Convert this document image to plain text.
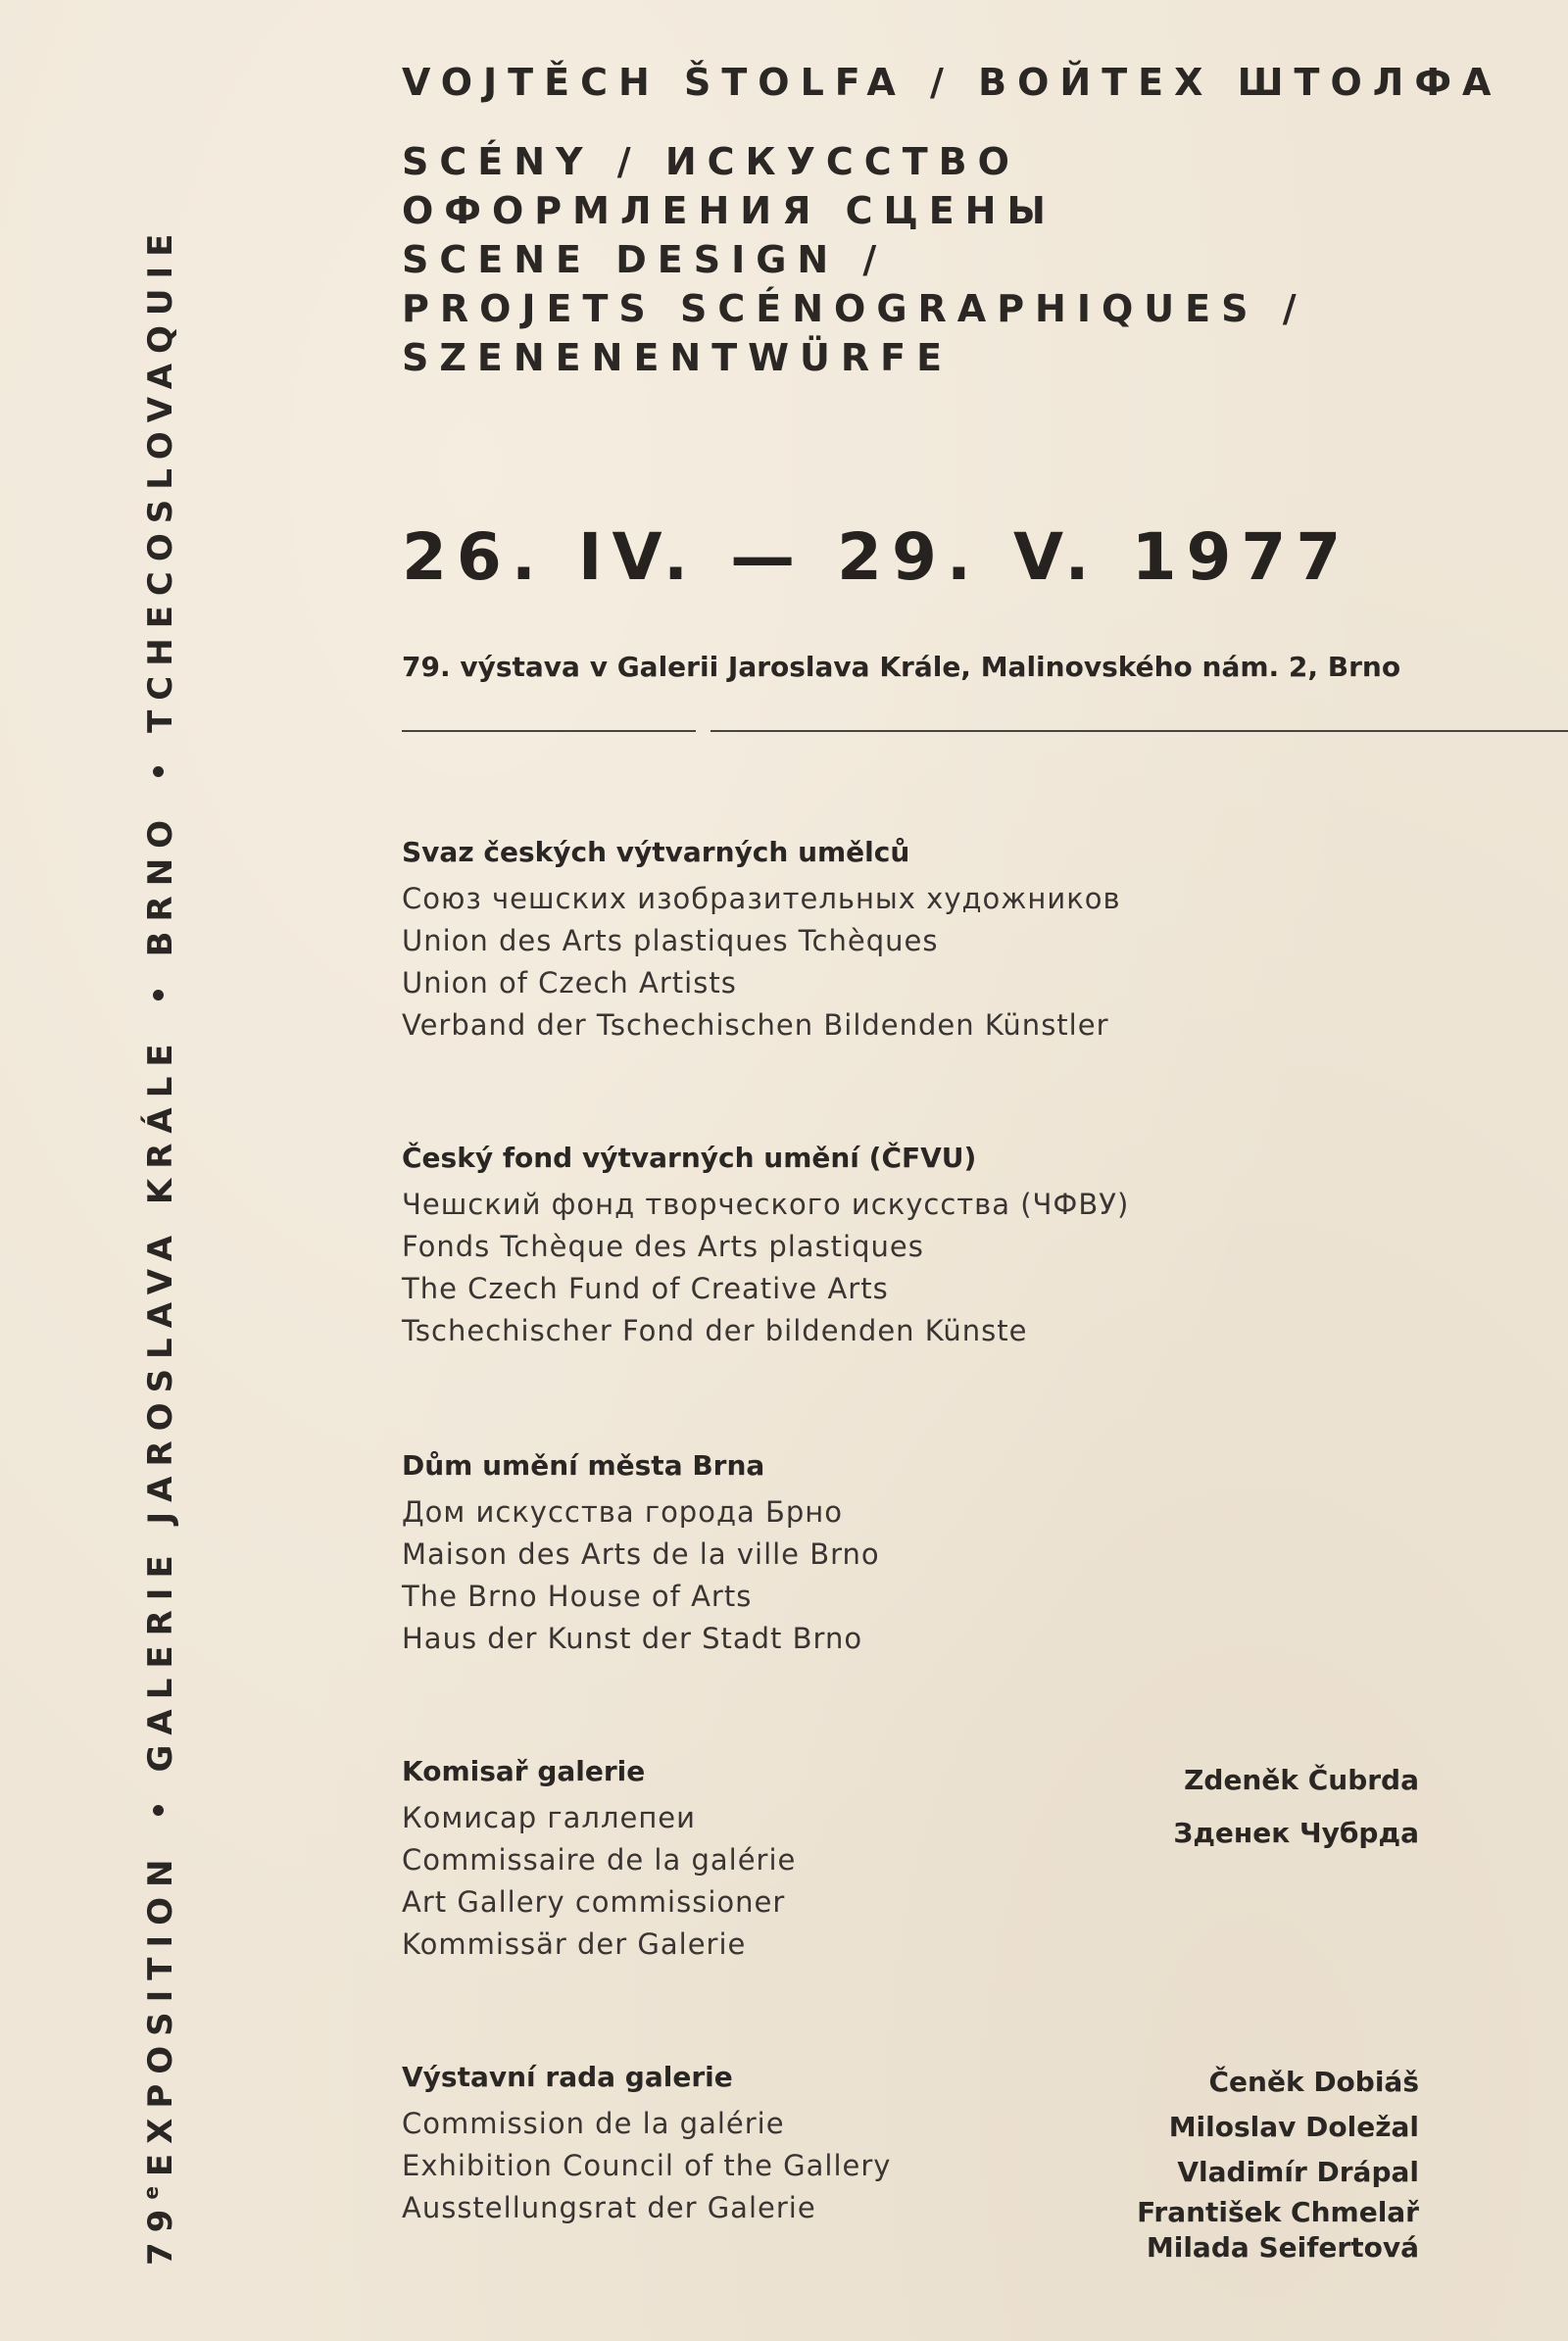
79eEXPOSITIONGALERIE JAROSLAVA KRÁLEBRNOTCHECOSLOVAQUIE
VOJTĚCH ŠTOLFA / ВОЙТЕХ ШТОЛФА
SCÉNY / ИСКУССТВО
ОФОРМЛЕНИЯ СЦЕНЫ
SCENE DESIGN /
PROJETS SCÉNOGRAPHIQUES /
SZENENENTWÜRFE
26. IV. — 29. V. 1977
79. výstava v Galerii Jaroslava Krále, Malinovského nám. 2, Brno
Svaz českých výtvarných umělců
Союз чешских изобразительных художников
Union des Arts plastiques Tchèques
Union of Czech Artists
Verband der Tschechischen Bildenden Künstler
Český fond výtvarných umění (ČFVU)
Чешский фонд творческого искусства (ЧФВУ)
Fonds Tchèque des Arts plastiques
The Czech Fund of Creative Arts
Tschechischer Fond der bildenden Künste
Dům umění města Brna
Дом искусства города Брно
Maison des Arts de la ville Brno
The Brno House of Arts
Haus der Kunst der Stadt Brno
Komisař galerie
Комисар галлепеи
Commissaire de la galérie
Art Gallery commissioner
Kommissär der Galerie
Zdeněk Čubrda
Зденек Чубрда
Výstavní rada galerie
Commission de la galérie
Exhibition Council of the Gallery
Ausstellungsrat der Galerie
Čeněk Dobiáš
Miloslav Doležal
Vladimír Drápal
František Chmelař
Milada Seifertová
